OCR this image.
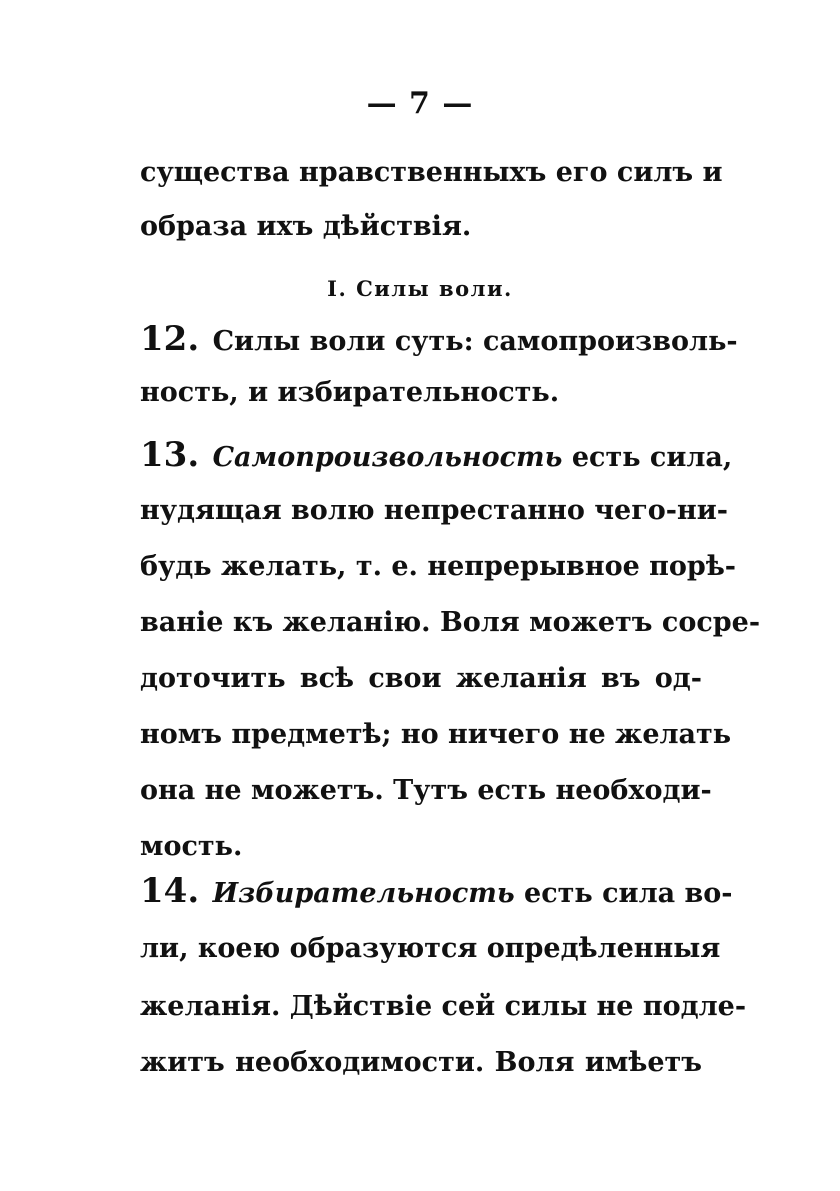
— 7 —
существа нравственныхъ его силъ и
образа ихъ дѣйствія.
I. Силы воли.
12. Силы воли суть: самопроизволь-
ность, и избирательность.
13. Самопроизвольность есть сила,
нудящая волю непрестанно чего-ни-
будь желать, т. е. непрерывное порѣ-
ваніе къ желанію. Воля можетъ сосре-
доточить всѣ свои желанія въ од-
номъ предметѣ; но ничего не желать
она не можетъ. Тутъ есть необходи-
мость.
14. Избирательность есть сила во-
ли, коею образуются опредѣленныя
желанія. Дѣйствіе сей силы не подле-
житъ необходимости. Воля имѣетъ
